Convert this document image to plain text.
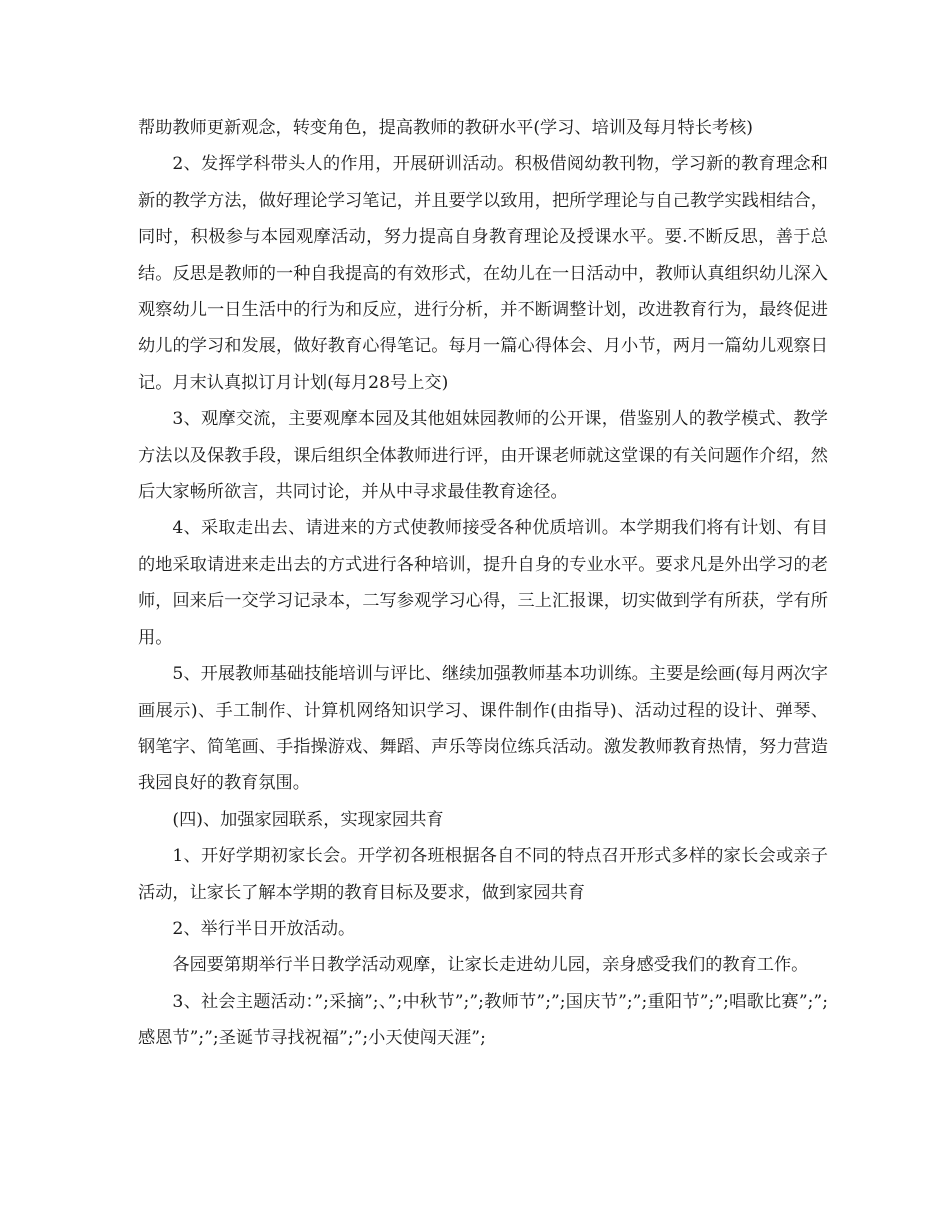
帮助教师更新观念，转变角色，提高教师的教研水平(学习、培训及每月特长考核)

2、发挥学科带头人的作用，开展研训活动。积极借阅幼教刊物，学习新的教育理念和新的教学方法，做好理论学习笔记，并且要学以致用，把所学理论与自己教学实践相结合，同时，积极参与本园观摩活动，努力提高自身教育理论及授课水平。要.不断反思，善于总结。反思是教师的一种自我提高的有效形式，在幼儿在一日活动中，教师认真组织幼儿深入观察幼儿一日生活中的行为和反应，进行分析，并不断调整计划，改进教育行为，最终促进幼儿的学习和发展，做好教育心得笔记。每月一篇心得体会、月小节，两月一篇幼儿观察日记。月末认真拟订月计划(每月28号上交)

3、观摩交流，主要观摩本园及其他姐妹园教师的公开课，借鉴别人的教学模式、教学方法以及保教手段，课后组织全体教师进行评，由开课老师就这堂课的有关问题作介绍，然后大家畅所欲言，共同讨论，并从中寻求最佳教育途径。

4、采取走出去、请进来的方式使教师接受各种优质培训。本学期我们将有计划、有目的地采取请进来走出去的方式进行各种培训，提升自身的专业水平。要求凡是外出学习的老师，回来后一交学习记录本，二写参观学习心得，三上汇报课，切实做到学有所获，学有所用。

5、开展教师基础技能培训与评比、继续加强教师基本功训练。主要是绘画(每月两次字画展示)、手工制作、计算机网络知识学习、课件制作(由指导)、活动过程的设计、弹琴、钢笔字、简笔画、手指操游戏、舞蹈、声乐等岗位练兵活动。激发教师教育热情，努力营造我园良好的教育氛围。

(四)、加强家园联系，实现家园共育

1、开好学期初家长会。开学初各班根据各自不同的特点召开形式多样的家长会或亲子活动，让家长了解本学期的教育目标及要求，做到家园共育

2、举行半日开放活动。

各园要第期举行半日教学活动观摩，让家长走进幼儿园，亲身感受我们的教育工作。

3、社会主题活动：”;采摘”;、”;中秋节”;”;教师节”;”;国庆节”;”;重阳节”;”;唱歌比赛”;”;感恩节”;”;圣诞节寻找祝福”;”;小天使闯天涯”;
